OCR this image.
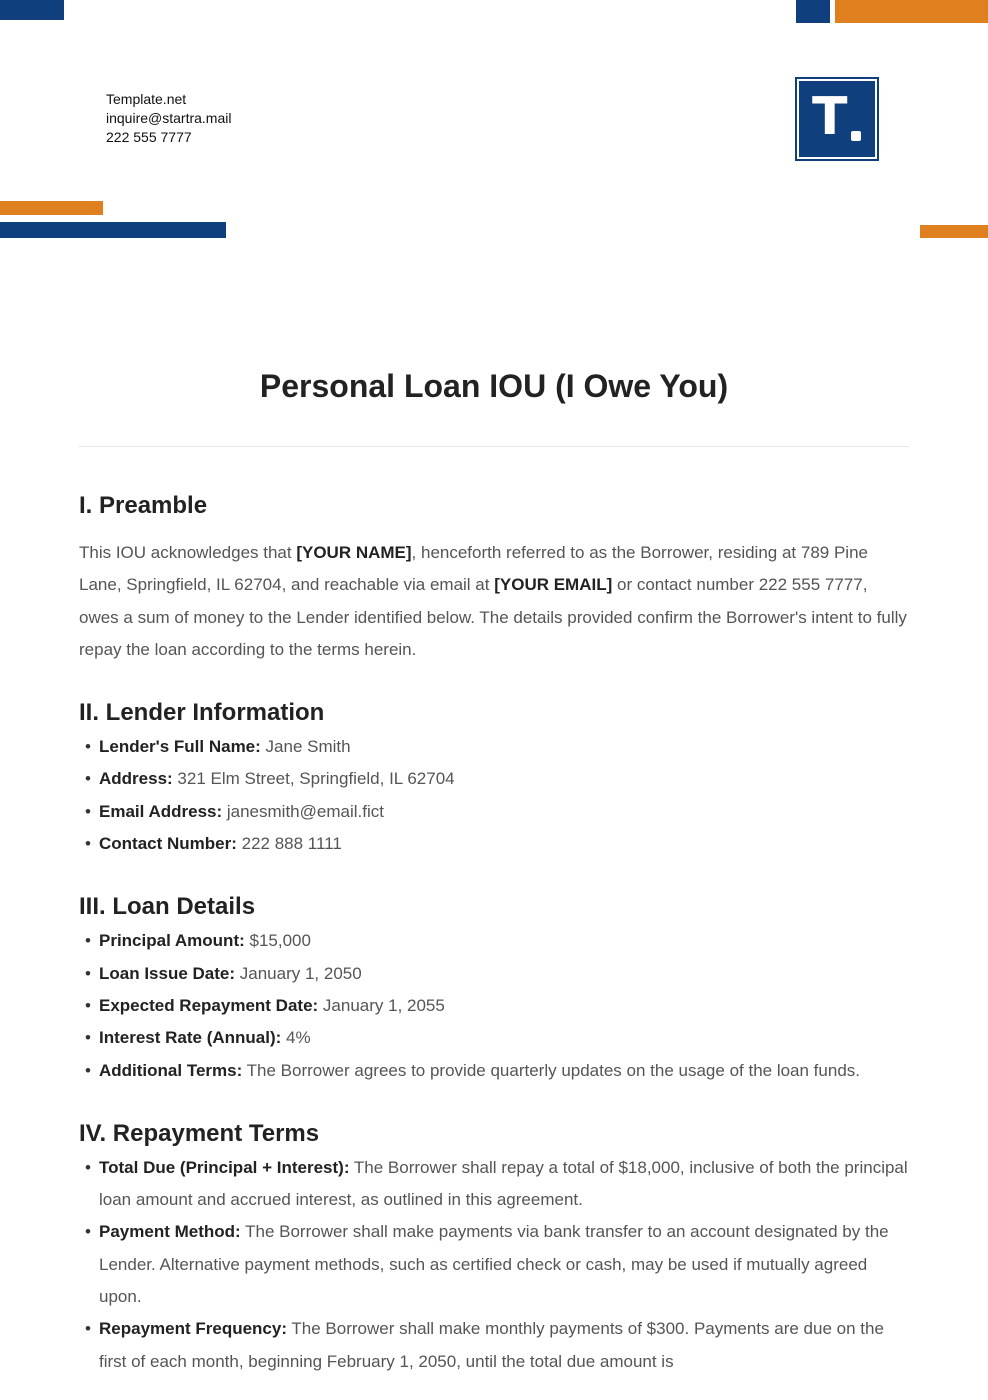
Template.net
inquire@startra.mail
222 555 7777	T
Personal Loan IOU (I Owe You)
I. Preamble

This IOU acknowledges that [YOUR NAME], henceforth referred to as the Borrower, residing at 789 Pine Lane, Springfield, IL 62704, and reachable via email at [YOUR EMAIL] or contact number 222 555 7777, owes a sum of money to the Lender identified below. The details provided confirm the Borrower's intent to fully repay the loan according to the terms herein.

II. Lender Information
• Lender's Full Name: Jane Smith
• Address: 321 Elm Street, Springfield, IL 62704
• Email Address: janesmith@email.fict
• Contact Number: 222 888 1111
III. Loan Details
• Principal Amount: $15,000
• Loan Issue Date: January 1, 2050
• Expected Repayment Date: January 1, 2055
• Interest Rate (Annual): 4%
• Additional Terms: The Borrower agrees to provide quarterly updates on the usage of the loan funds.
IV. Repayment Terms
• Total Due (Principal + Interest): The Borrower shall repay a total of $18,000, inclusive of both the principal loan amount and accrued interest, as outlined in this agreement.
• Payment Method: The Borrower shall make payments via bank transfer to an account designated by the Lender. Alternative payment methods, such as certified check or cash, may be used if mutually agreed upon.
• Repayment Frequency: The Borrower shall make monthly payments of $300. Payments are due on the first of each month, beginning February 1, 2050, until the total due amount is
